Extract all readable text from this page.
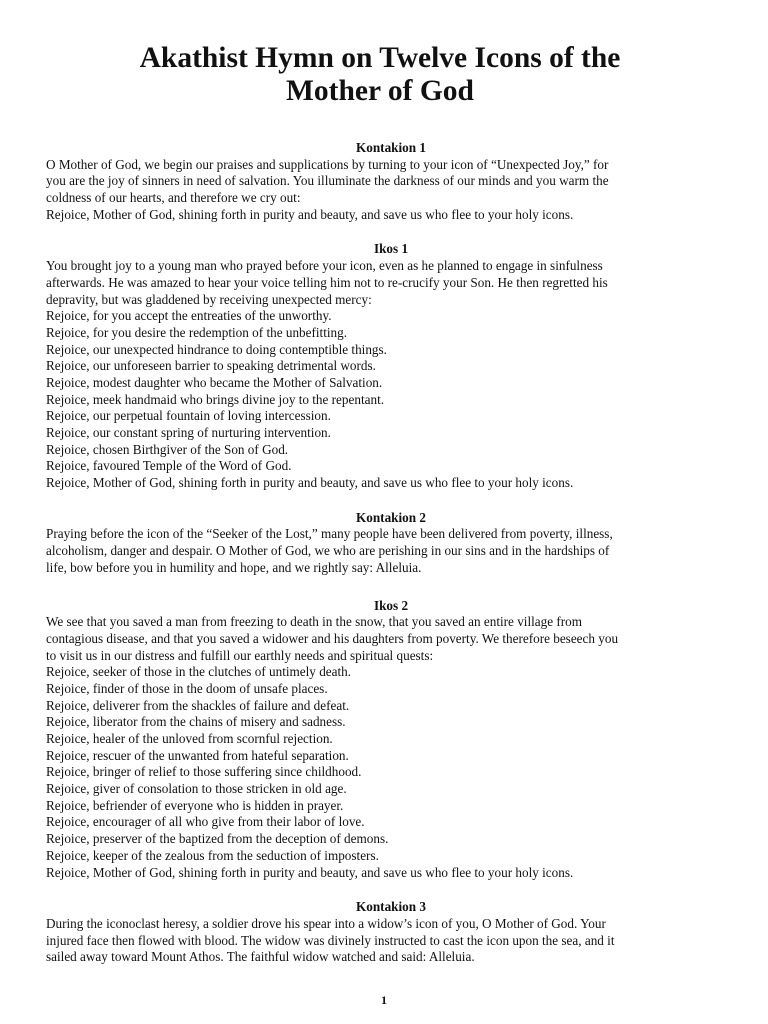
Akathist Hymn on Twelve Icons of the
Mother of God
Kontakion 1
O Mother of God, we begin our praises and supplications by turning to your icon of “Unexpected Joy,” for
you are the joy of sinners in need of salvation. You illuminate the darkness of our minds and you warm the
coldness of our hearts, and therefore we cry out:
Rejoice, Mother of God, shining forth in purity and beauty, and save us who flee to your holy icons.
Ikos 1
You brought joy to a young man who prayed before your icon, even as he planned to engage in sinfulness
afterwards. He was amazed to hear your voice telling him not to re-crucify your Son. He then regretted his
depravity, but was gladdened by receiving unexpected mercy:
Rejoice, for you accept the entreaties of the unworthy.
Rejoice, for you desire the redemption of the unbefitting.
Rejoice, our unexpected hindrance to doing contemptible things.
Rejoice, our unforeseen barrier to speaking detrimental words.
Rejoice, modest daughter who became the Mother of Salvation.
Rejoice, meek handmaid who brings divine joy to the repentant.
Rejoice, our perpetual fountain of loving intercession.
Rejoice, our constant spring of nurturing intervention.
Rejoice, chosen Birthgiver of the Son of God.
Rejoice, favoured Temple of the Word of God.
Rejoice, Mother of God, shining forth in purity and beauty, and save us who flee to your holy icons.
Kontakion 2
Praying before the icon of the “Seeker of the Lost,” many people have been delivered from poverty, illness,
alcoholism, danger and despair. O Mother of God, we who are perishing in our sins and in the hardships of
life, bow before you in humility and hope, and we rightly say: Alleluia.
Ikos 2
We see that you saved a man from freezing to death in the snow, that you saved an entire village from
contagious disease, and that you saved a widower and his daughters from poverty. We therefore beseech you
to visit us in our distress and fulfill our earthly needs and spiritual quests:
Rejoice, seeker of those in the clutches of untimely death.
Rejoice, finder of those in the doom of unsafe places.
Rejoice, deliverer from the shackles of failure and defeat.
Rejoice, liberator from the chains of misery and sadness.
Rejoice, healer of the unloved from scornful rejection.
Rejoice, rescuer of the unwanted from hateful separation.
Rejoice, bringer of relief to those suffering since childhood.
Rejoice, giver of consolation to those stricken in old age.
Rejoice, befriender of everyone who is hidden in prayer.
Rejoice, encourager of all who give from their labor of love.
Rejoice, preserver of the baptized from the deception of demons.
Rejoice, keeper of the zealous from the seduction of imposters.
Rejoice, Mother of God, shining forth in purity and beauty, and save us who flee to your holy icons.
Kontakion 3
During the iconoclast heresy, a soldier drove his spear into a widow’s icon of you, O Mother of God. Your
injured face then flowed with blood. The widow was divinely instructed to cast the icon upon the sea, and it
sailed away toward Mount Athos. The faithful widow watched and said: Alleluia.
1
